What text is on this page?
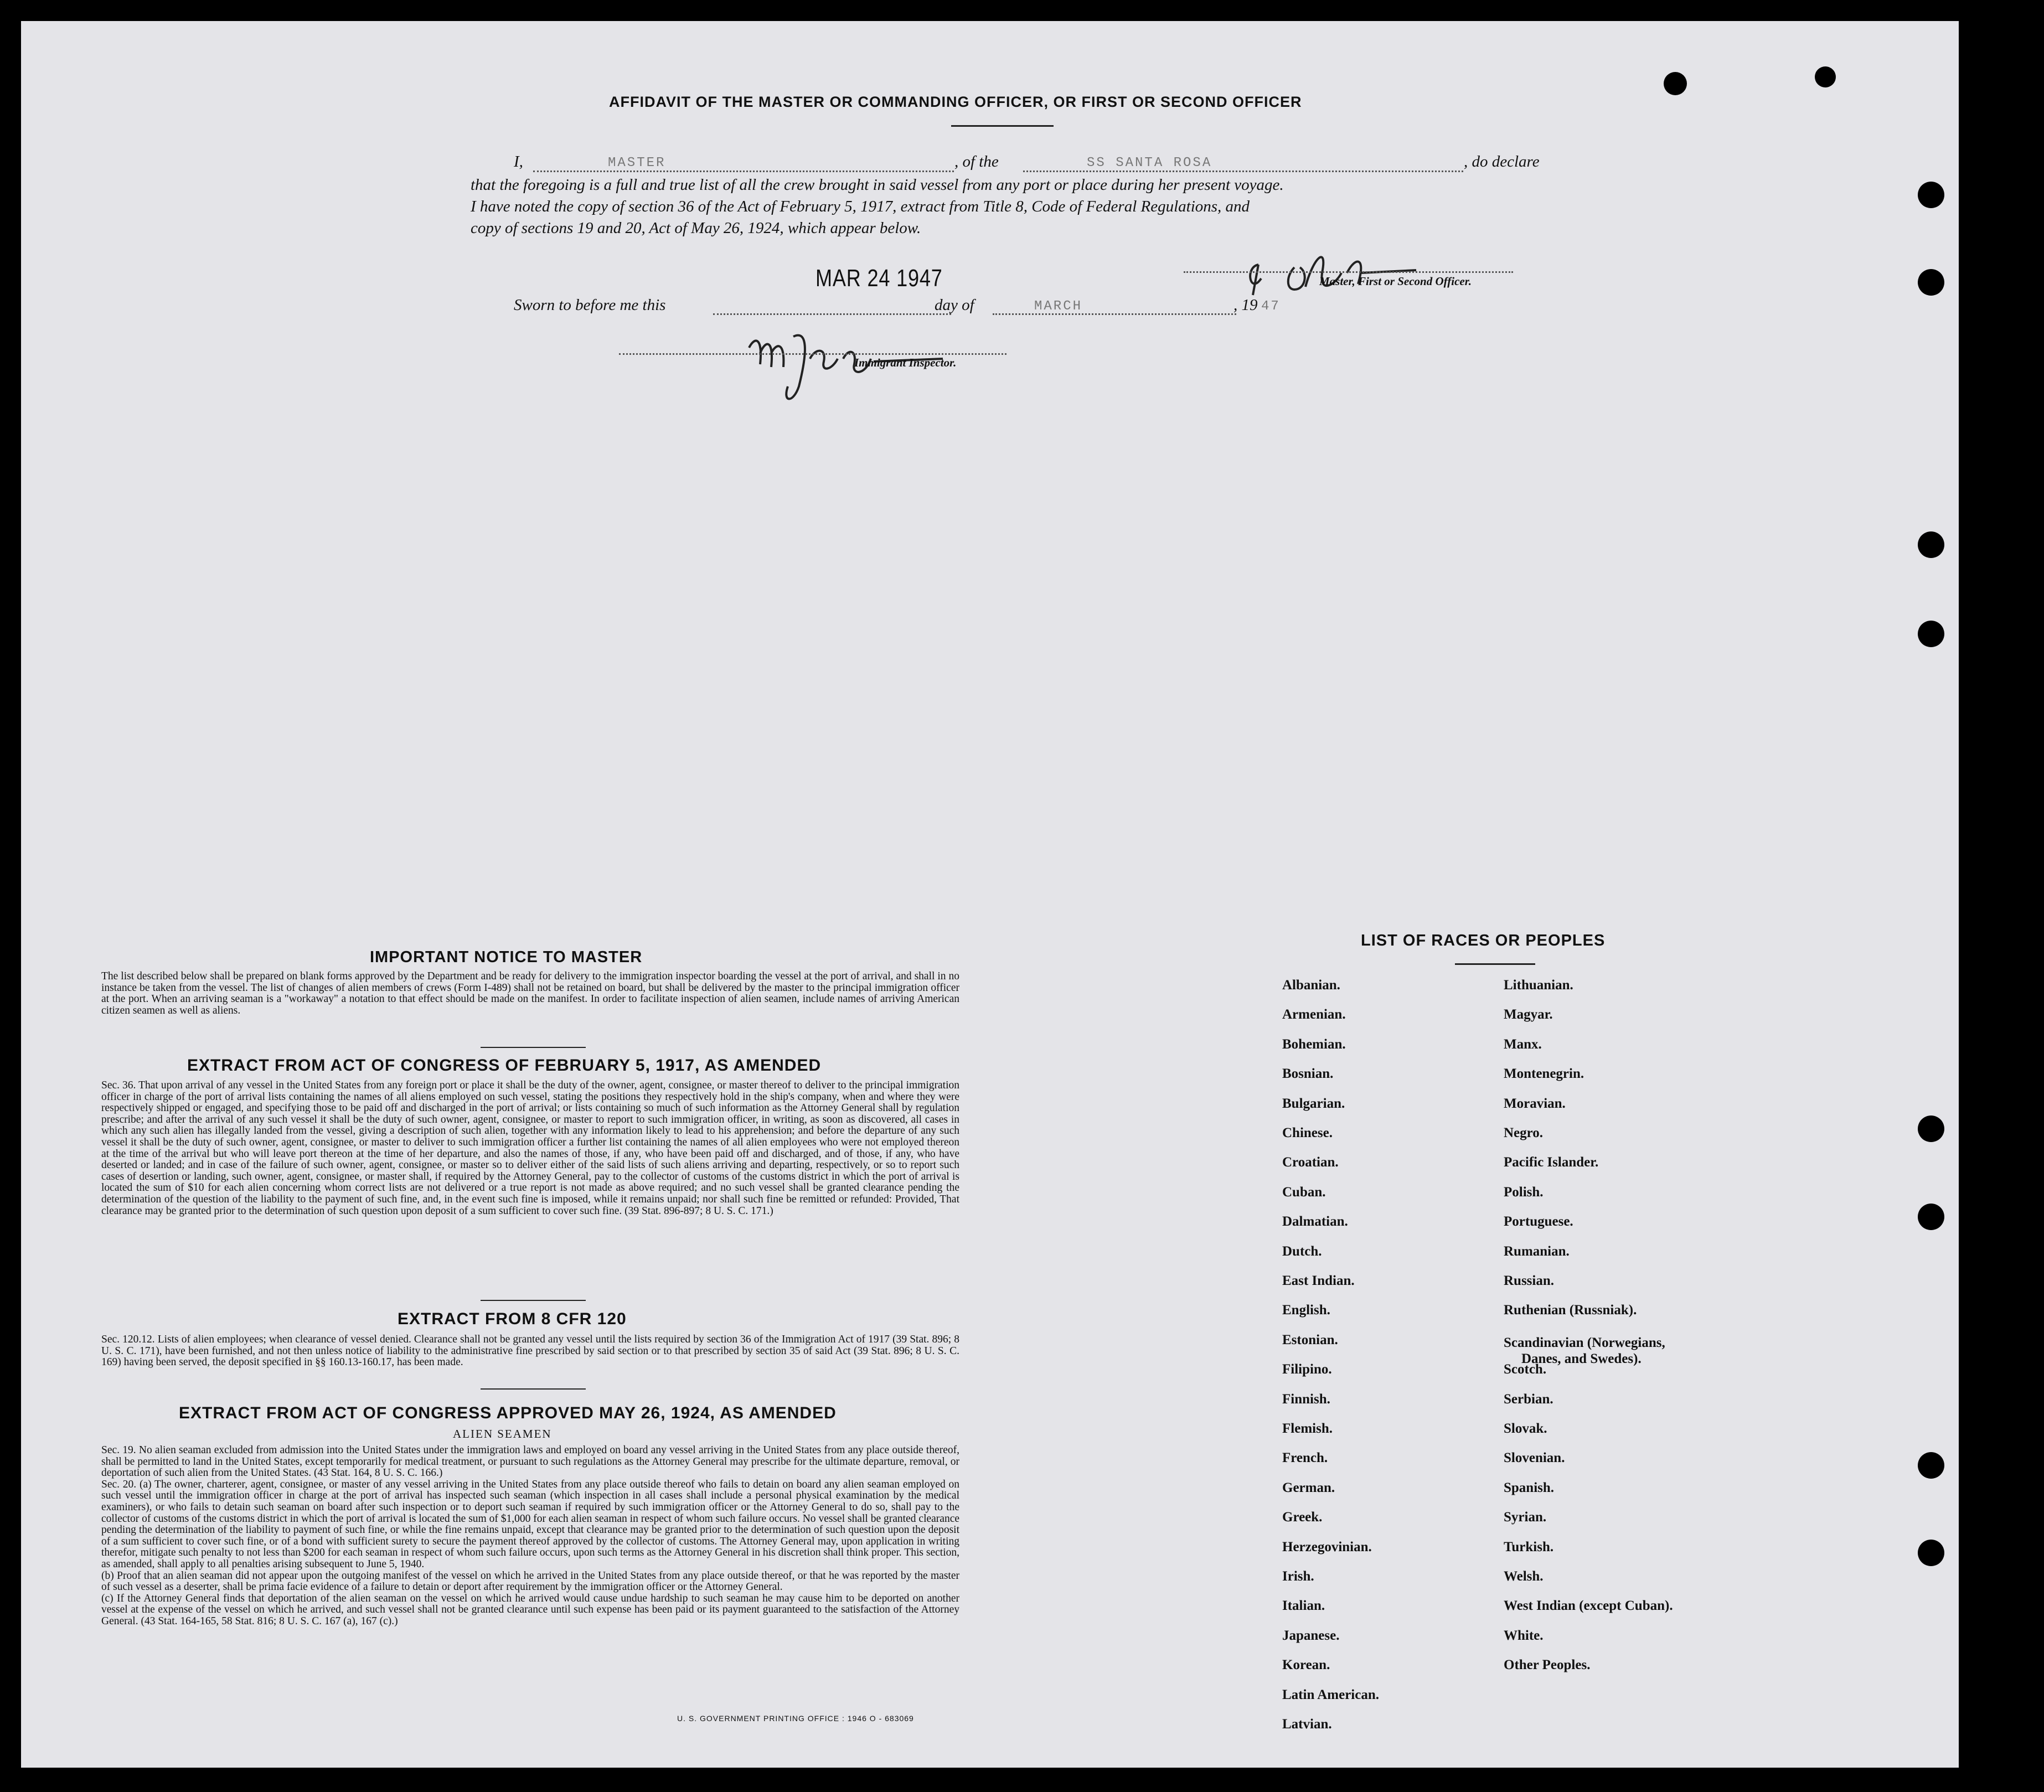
AFFIDAVIT OF THE MASTER OR COMMANDING OFFICER, OR FIRST OR SECOND OFFICER
I,	MASTER	, of the	SS SANTA ROSA	, do declare
that the foregoing is a full and true list of all the crew brought in said vessel from any port or place during her present voyage.
I have noted the copy of section 36 of the Act of February 5, 1917, extract from Title 8, Code of Federal Regulations, and
copy of sections 19 and 20, Act of May 26, 1924, which appear below.
Master, First or Second Officer.
MAR 24 1947
Sworn to before me this	day of	MARCH	, 19 47
Immigrant Inspector.
IMPORTANT NOTICE TO MASTER

The list described below shall be prepared on blank forms approved by the Department and be ready for delivery to the immigration inspector boarding the vessel at the port of arrival, and shall in no instance be taken from the vessel. The list of changes of alien members of crews (Form I-489) shall not be retained on board, but shall be delivered by the master to the principal immigration officer at the port. When an arriving seaman is a "workaway" a notation to that effect should be made on the manifest. In order to facilitate inspection of alien seamen, include names of arriving American citizen seamen as well as aliens.

EXTRACT FROM ACT OF CONGRESS OF FEBRUARY 5, 1917, AS AMENDED

Sec. 36. That upon arrival of any vessel in the United States from any foreign port or place it shall be the duty of the owner, agent, consignee, or master thereof to deliver to the principal immigration officer in charge of the port of arrival lists containing the names of all aliens employed on such vessel, stating the positions they respectively hold in the ship's company, when and where they were respectively shipped or engaged, and specifying those to be paid off and discharged in the port of arrival; or lists containing so much of such information as the Attorney General shall by regulation prescribe; and after the arrival of any such vessel it shall be the duty of such owner, agent, consignee, or master to report to such immigration officer, in writing, as soon as discovered, all cases in which any such alien has illegally landed from the vessel, giving a description of such alien, together with any information likely to lead to his apprehension; and before the departure of any such vessel it shall be the duty of such owner, agent, consignee, or master to deliver to such immigration officer a further list containing the names of all alien employees who were not employed thereon at the time of the arrival but who will leave port thereon at the time of her departure, and also the names of those, if any, who have been paid off and discharged, and of those, if any, who have deserted or landed; and in case of the failure of such owner, agent, consignee, or master so to deliver either of the said lists of such aliens arriving and departing, respectively, or so to report such cases of desertion or landing, such owner, agent, consignee, or master shall, if required by the Attorney General, pay to the collector of customs of the customs district in which the port of arrival is located the sum of $10 for each alien concerning whom correct lists are not delivered or a true report is not made as above required; and no such vessel shall be granted clearance pending the determination of the question of the liability to the payment of such fine, and, in the event such fine is imposed, while it remains unpaid; nor shall such fine be remitted or refunded: Provided, That clearance may be granted prior to the determination of such question upon deposit of a sum sufficient to cover such fine. (39 Stat. 896-897; 8 U. S. C. 171.)

EXTRACT FROM 8 CFR 120

Sec. 120.12. Lists of alien employees; when clearance of vessel denied. Clearance shall not be granted any vessel until the lists required by section 36 of the Immigration Act of 1917 (39 Stat. 896; 8 U. S. C. 171), have been furnished, and not then unless notice of liability to the administrative fine prescribed by said section or to that prescribed by section 35 of said Act (39 Stat. 896; 8 U. S. C. 169) having been served, the deposit specified in §§ 160.13-160.17, has been made.

EXTRACT FROM ACT OF CONGRESS APPROVED MAY 26, 1924, AS AMENDED
ALIEN SEAMEN

Sec. 19. No alien seaman excluded from admission into the United States under the immigration laws and employed on board any vessel arriving in the United States from any place outside thereof, shall be permitted to land in the United States, except temporarily for medical treatment, or pursuant to such regulations as the Attorney General may prescribe for the ultimate departure, removal, or deportation of such alien from the United States. (43 Stat. 164, 8 U. S. C. 166.)

Sec. 20. (a) The owner, charterer, agent, consignee, or master of any vessel arriving in the United States from any place outside thereof who fails to detain on board any alien seaman employed on such vessel until the immigration officer in charge at the port of arrival has inspected such seaman (which inspection in all cases shall include a personal physical examination by the medical examiners), or who fails to detain such seaman on board after such inspection or to deport such seaman if required by such immigration officer or the Attorney General to do so, shall pay to the collector of customs of the customs district in which the port of arrival is located the sum of $1,000 for each alien seaman in respect of whom such failure occurs. No vessel shall be granted clearance pending the determination of the liability to payment of such fine, or while the fine remains unpaid, except that clearance may be granted prior to the determination of such question upon the deposit of a sum sufficient to cover such fine, or of a bond with sufficient surety to secure the payment thereof approved by the collector of customs. The Attorney General may, upon application in writing therefor, mitigate such penalty to not less than $200 for each seaman in respect of whom such failure occurs, upon such terms as the Attorney General in his discretion shall think proper. This section, as amended, shall apply to all penalties arising subsequent to June 5, 1940.

(b) Proof that an alien seaman did not appear upon the outgoing manifest of the vessel on which he arrived in the United States from any place outside thereof, or that he was reported by the master of such vessel as a deserter, shall be prima facie evidence of a failure to detain or deport after requirement by the immigration officer or the Attorney General.

(c) If the Attorney General finds that deportation of the alien seaman on the vessel on which he arrived would cause undue hardship to such seaman he may cause him to be deported on another vessel at the expense of the vessel on which he arrived, and such vessel shall not be granted clearance until such expense has been paid or its payment guaranteed to the satisfaction of the Attorney General. (43 Stat. 164-165, 58 Stat. 816; 8 U. S. C. 167 (a), 167 (c).)

U. S. GOVERNMENT PRINTING OFFICE : 1946 O - 683069
LIST OF RACES OR PEOPLES
Albanian.
Armenian.
Bohemian.
Bosnian.
Bulgarian.
Chinese.
Croatian.
Cuban.
Dalmatian.
Dutch.
East Indian.
English.
Estonian.
Filipino.
Finnish.
Flemish.
French.
German.
Greek.
Herzegovinian.
Irish.
Italian.
Japanese.
Korean.
Latin American.
Latvian.
Lithuanian.
Magyar.
Manx.
Montenegrin.
Moravian.
Negro.
Pacific Islander.
Polish.
Portuguese.
Rumanian.
Russian.
Ruthenian (Russniak).
Scandinavian (Norwegians,
Danes, and Swedes).
Scotch.
Serbian.
Slovak.
Slovenian.
Spanish.
Syrian.
Turkish.
Welsh.
West Indian (except Cuban).
White.
Other Peoples.
